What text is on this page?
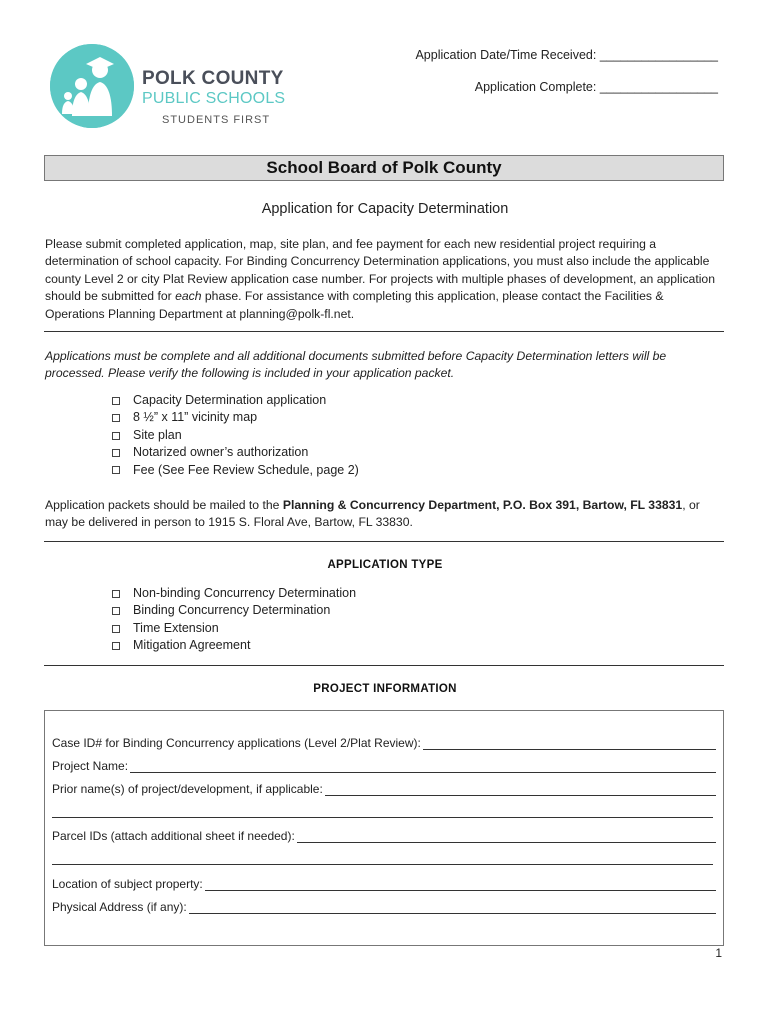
POLK COUNTY
PUBLIC SCHOOLS
STUDENTS FIRST
Application Date/Time Received: _________________
Application Complete: _________________
School Board of Polk County
Application for Capacity Determination
Please submit completed application, map, site plan, and fee payment for each new residential project requiring a determination of school capacity. For Binding Concurrency Determination applications, you must also include the applicable county Level 2 or city Plat Review application case number. For projects with multiple phases of development, an application should be submitted for each phase. For assistance with completing this application, please contact the Facilities & Operations Planning Department at planning@polk-fl.net.
Applications must be complete and all additional documents submitted before Capacity Determination letters will be processed. Please verify the following is included in your application packet.
Capacity Determination application
8 ½” x 11” vicinity map
Site plan
Notarized owner’s authorization
Fee (See Fee Review Schedule, page 2)
Application packets should be mailed to the Planning & Concurrency Department, P.O. Box 391, Bartow, FL 33831, or may be delivered in person to 1915 S. Floral Ave, Bartow, FL 33830.
APPLICATION TYPE
Non-binding Concurrency Determination
Binding Concurrency Determination
Time Extension
Mitigation Agreement
PROJECT INFORMATION
Case ID# for Binding Concurrency applications (Level 2/Plat Review):
Project Name:
Prior name(s) of project/development, if applicable:
Parcel IDs (attach additional sheet if needed):
Location of subject property:
Physical Address (if any):
1
